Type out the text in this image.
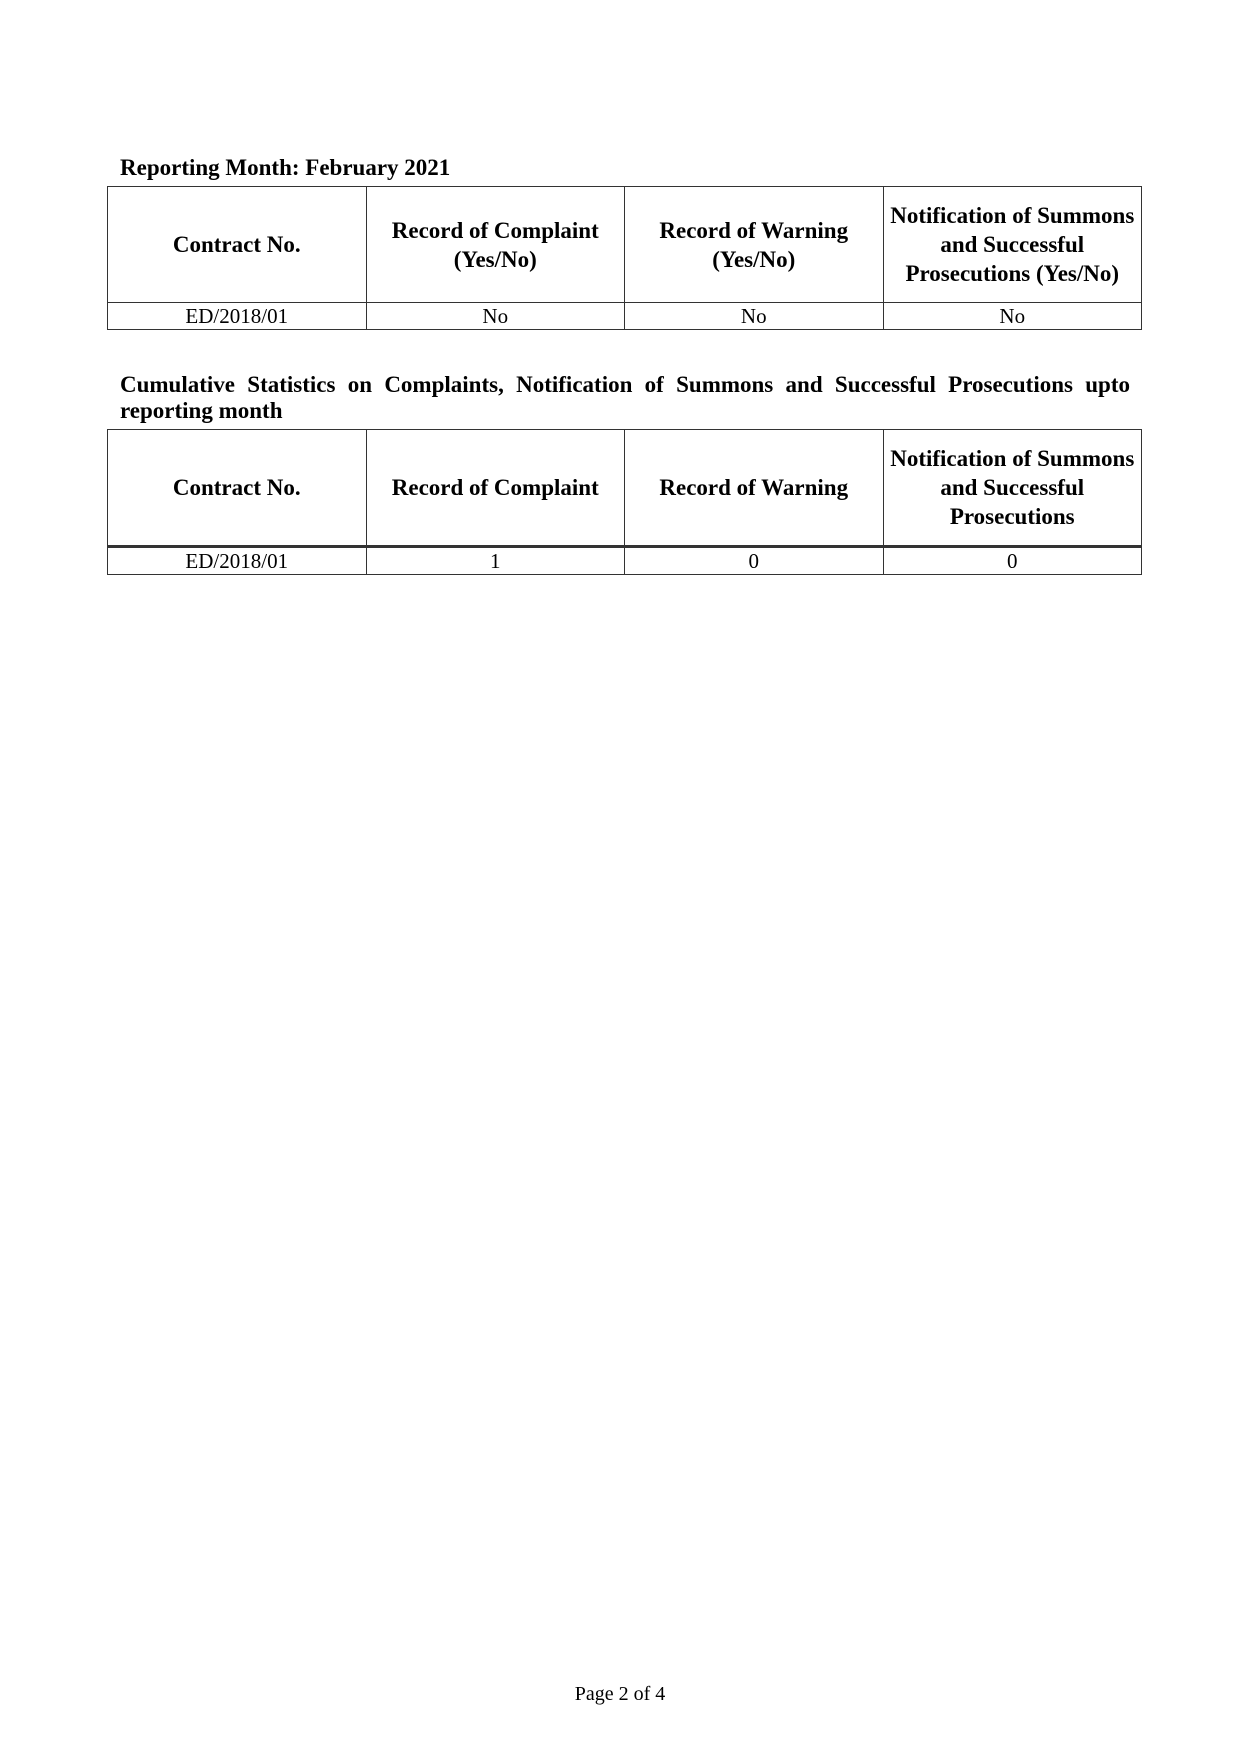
Reporting Month: February 2021
Contract No.	Record of Complaint (Yes/No)	Record of Warning (Yes/No)	Notification of Summons and Successful Prosecutions (Yes/No)
ED/2018/01	No	No	No
Cumulative Statistics on Complaints, Notification of Summons and Successful Prosecutions upto reporting month
Contract No.	Record of Complaint	Record of Warning	Notification of Summons and Successful Prosecutions
ED/2018/01	1	0	0
Page 2 of 4
